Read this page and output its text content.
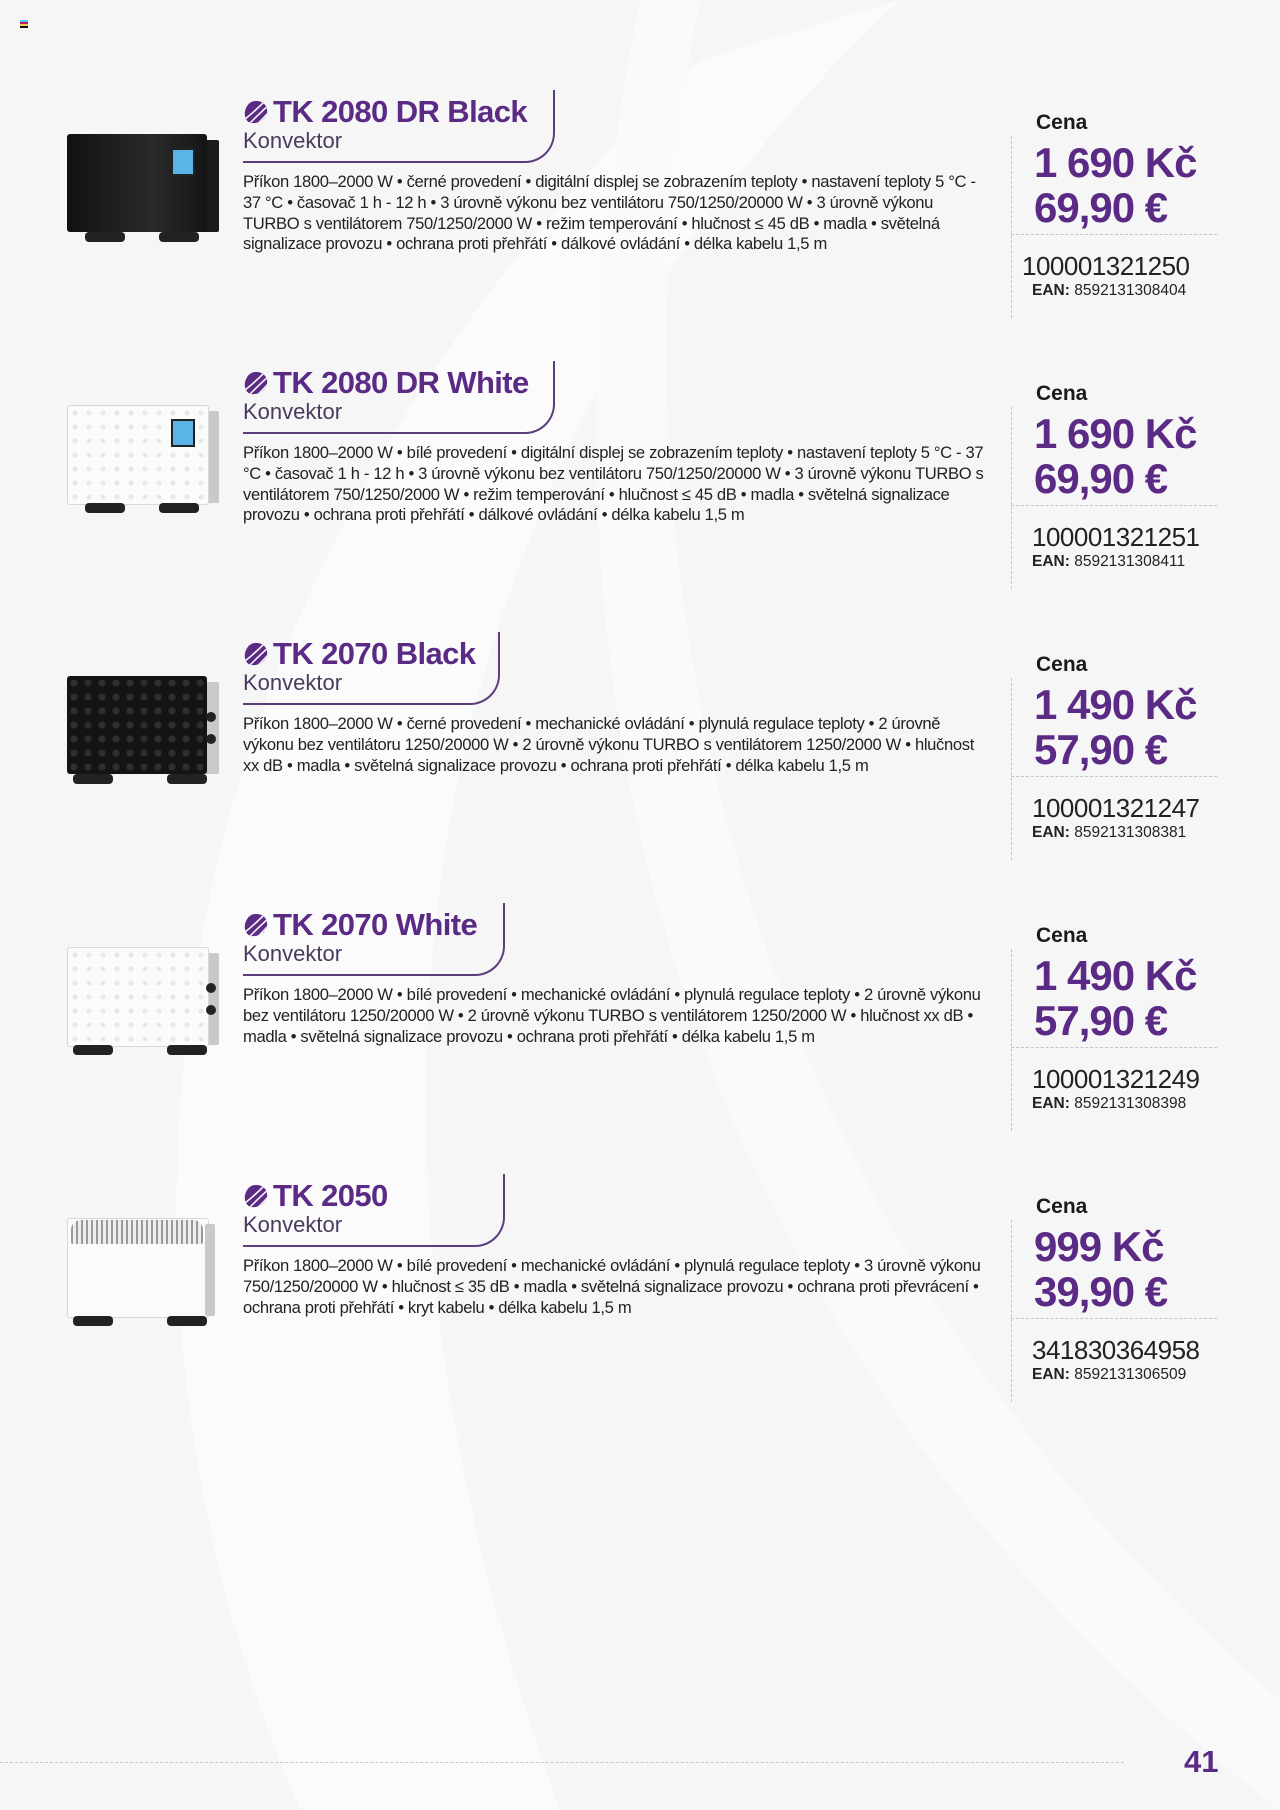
TK 2080 DR Black
Konvektor
Příkon 1800–2000 W • černé provedení • digitální displej se zobrazením teploty • nastavení teploty 5 °C - 37 °C • časovač 1 h - 12 h • 3 úrovně výkonu bez ventilátoru 750/1250/20000 W • 3 úrovně výkonu TURBO s ventilátorem 750/1250/2000 W • režim temperování • hlučnost ≤ 45 dB • madla • světelná signalizace provozu • ochrana proti přehřátí • dálkové ovládání • délka kabelu 1,5 m
Cena
1 690 Kč
69,90 €
100001321250
EAN: 8592131308404
TK 2080 DR White
Konvektor
Příkon 1800–2000 W • bílé provedení • digitální displej se zobrazením teploty • nastavení teploty 5 °C - 37 °C • časovač 1 h - 12 h • 3 úrovně výkonu bez ventilátoru 750/1250/20000 W • 3 úrovně výkonu TURBO s ventilátorem 750/1250/2000 W • režim temperování • hlučnost ≤ 45 dB • madla • světelná signalizace provozu • ochrana proti přehřátí • dálkové ovládání • délka kabelu 1,5 m
Cena
1 690 Kč
69,90 €
100001321251
EAN: 8592131308411
TK 2070 Black
Konvektor
Příkon 1800–2000 W • černé provedení • mechanické ovládání • plynulá regulace teploty • 2 úrovně výkonu bez ventilátoru 1250/20000 W • 2 úrovně výkonu TURBO s ventilátorem 1250/2000 W • hlučnost xx dB • madla • světelná signalizace provozu • ochrana proti přehřátí • délka kabelu 1,5 m
Cena
1 490 Kč
57,90 €
100001321247
EAN: 8592131308381
TK 2070 White
Konvektor
Příkon 1800–2000 W • bílé provedení • mechanické ovládání • plynulá regulace teploty • 2 úrovně výkonu bez ventilátoru 1250/20000 W • 2 úrovně výkonu TURBO s ventilátorem 1250/2000 W • hlučnost xx dB • madla • světelná signalizace provozu • ochrana proti přehřátí • délka kabelu 1,5 m
Cena
1 490 Kč
57,90 €
100001321249
EAN: 8592131308398
TK 2050
Konvektor
Příkon 1800–2000 W • bílé provedení • mechanické ovládání • plynulá regulace teploty • 3 úrovně výkonu 750/1250/20000 W • hlučnost ≤ 35 dB • madla • světelná signalizace provozu • ochrana proti převrácení • ochrana proti přehřátí • kryt kabelu • délka kabelu 1,5 m
Cena
999 Kč
39,90 €
341830364958
EAN: 8592131306509
41
